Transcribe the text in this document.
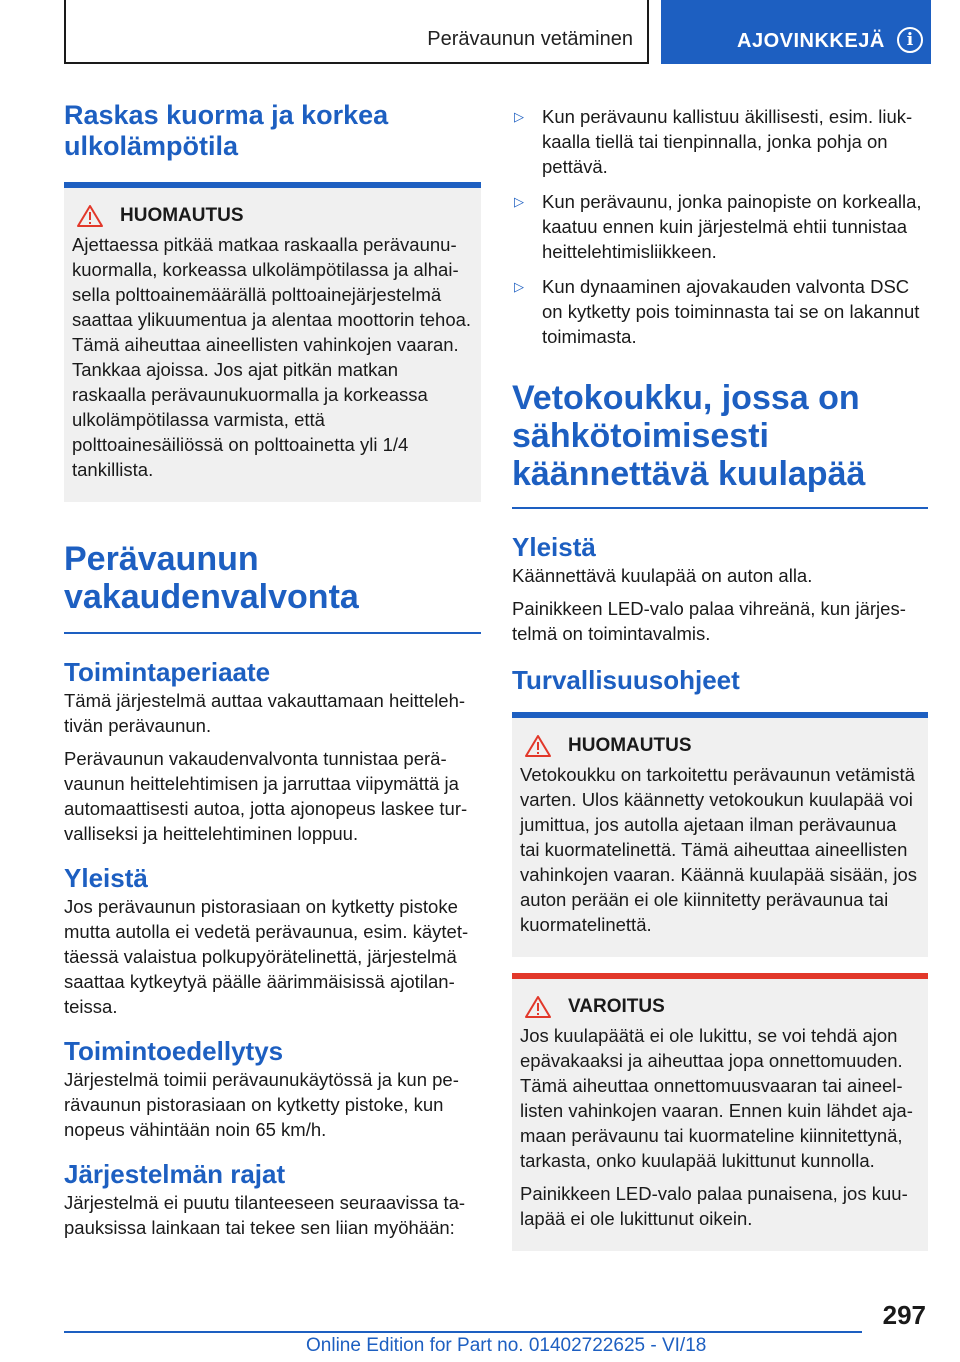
Perävaunun vetäminen	AJOVINKKEJÄ	i
Raskas kuorma ja korkea ulkolämpötila
HUOMAUTUS

Ajettaessa pitkää matkaa raskaalla perävaunukuormalla, korkeassa ulkolämpötilassa ja alhaisella polttoainemäärällä polttoainejärjestelmä saattaa ylikuumentua ja alentaa moottorin tehoa. Tämä aiheuttaa aineellisten vahinkojen vaaran. Tankkaa ajoissa. Jos ajat pitkän matkan raskaalla perävaunukuormalla ja korkeassa ulkolämpötilassa varmista, että polttoainesäiliössä on polttoainetta yli 1/4 tankillista.

Perävaunun vakaudenvalvonta
Toimintaperiaate

Tämä järjestelmä auttaa vakauttamaan heittelehtivän perävaunun.

Perävaunun vakaudenvalvonta tunnistaa perävaunun heittelehtimisen ja jarruttaa viipymättä ja automaattisesti autoa, jotta ajonopeus laskee turvalliseksi ja heittelehtiminen loppuu.

Yleistä

Jos perävaunun pistorasiaan on kytketty pistoke mutta autolla ei vedetä perävaunua, esim. käytettäessä valaistua polkupyörätelinettä, järjestelmä saattaa kytkeytyä päälle äärimmäisissä ajotilanteissa.

Toimintoedellytys

Järjestelmä toimii perävaunukäytössä ja kun perävaunun pistorasiaan on kytketty pistoke, kun nopeus vähintään noin 65 km/h.

Järjestelmän rajat

Järjestelmä ei puutu tilanteeseen seuraavissa tapauksissa lainkaan tai tekee sen liian myöhään:

▷ Kun perävaunu kallistuu äkillisesti, esim. liukkaalla tiellä tai tienpinnalla, jonka pohja on pettävä.
▷ Kun perävaunu, jonka painopiste on korkealla, kaatuu ennen kuin järjestelmä ehtii tunnistaa heittelehtimisliikkeen.
▷ Kun dynaaminen ajovakauden valvonta DSC on kytketty pois toiminnasta tai se on lakannut toimimasta.
Vetokoukku, jossa on sähkötoimisesti käännettävä kuulapää
Yleistä

Käännettävä kuulapää on auton alla.

Painikkeen LED-valo palaa vihreänä, kun järjestelmä on toimintavalmis.

Turvallisuusohjeet
HUOMAUTUS

Vetokoukku on tarkoitettu perävaunun vetämistä varten. Ulos käännetty vetokoukun kuulapää voi jumittua, jos autolla ajetaan ilman perävaunua tai kuormatelinettä. Tämä aiheuttaa aineellisten vahinkojen vaaran. Käännä kuulapää sisään, jos auton perään ei ole kiinnitetty perävaunua tai kuormatelinettä.

VAROITUS

Jos kuulapäätä ei ole lukittu, se voi tehdä ajon epävakaaksi ja aiheuttaa jopa onnettomuuden. Tämä aiheuttaa onnettomuusvaaran tai aineellisten vahinkojen vaaran. Ennen kuin lähdet ajamaan perävaunu tai kuormateline kiinnitettynä, tarkasta, onko kuulapää lukittunut kunnolla.

Painikkeen LED-valo palaa punaisena, jos kuulapää ei ole lukittunut oikein.

297
Online Edition for Part no. 01402722625 - VI/18
